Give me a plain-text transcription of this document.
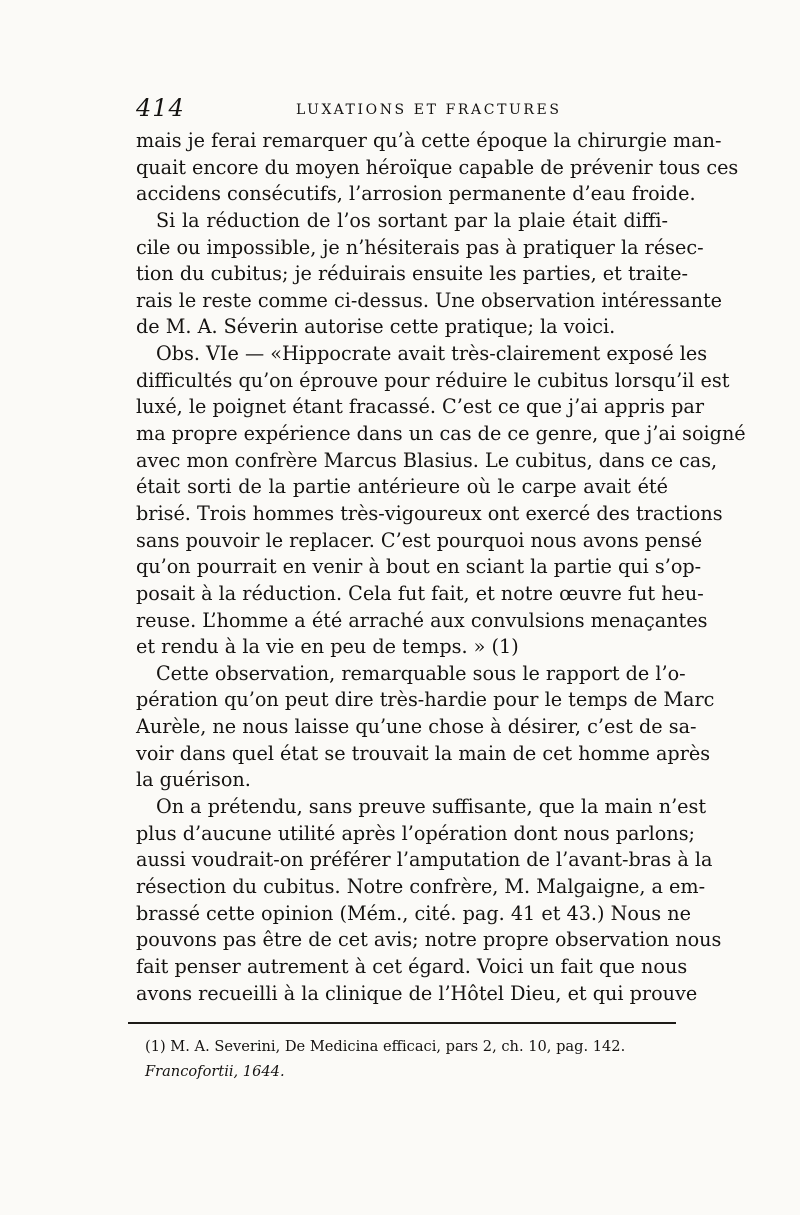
414	LUXATIONS ET FRACTURES
mais je ferai remarquer qu’à cette époque la chirurgie man-
quait encore du moyen héroïque capable de prévenir tous ces
accidens consécutifs, l’arrosion permanente d’eau froide.
Si la réduction de l’os sortant par la plaie était diffi-
cile ou impossible, je n’hésiterais pas à pratiquer la résec-
tion du cubitus; je réduirais ensuite les parties, et traite-
rais le reste comme ci-dessus. Une observation intéressante
de M. A. Séverin autorise cette pratique; la voici.
Obs. VIe — «Hippocrate avait très-clairement exposé les
difficultés qu’on éprouve pour réduire le cubitus lorsqu’il est
luxé, le poignet étant fracassé. C’est ce que j’ai appris par
ma propre expérience dans un cas de ce genre, que j’ai soigné
avec mon confrère Marcus Blasius. Le cubitus, dans ce cas,
était sorti de la partie antérieure où le carpe avait été
brisé. Trois hommes très-vigoureux ont exercé des tractions
sans pouvoir le replacer. C’est pourquoi nous avons pensé
qu’on pourrait en venir à bout en sciant la partie qui s’op-
posait à la réduction. Cela fut fait, et notre œuvre fut heu-
reuse. L’homme a été arraché aux convulsions menaçantes
et rendu à la vie en peu de temps. » (1)
Cette observation, remarquable sous le rapport de l’o-
pération qu’on peut dire très-hardie pour le temps de Marc
Aurèle, ne nous laisse qu’une chose à désirer, c’est de sa-
voir dans quel état se trouvait la main de cet homme après
la guérison.
On a prétendu, sans preuve suffisante, que la main n’est
plus d’aucune utilité après l’opération dont nous parlons;
aussi voudrait-on préférer l’amputation de l’avant-bras à la
résection du cubitus. Notre confrère, M. Malgaigne, a em-
brassé cette opinion (Mém., cité. pag. 41 et 43.) Nous ne
pouvons pas être de cet avis; notre propre observation nous
fait penser autrement à cet égard. Voici un fait que nous
avons recueilli à la clinique de l’Hôtel Dieu, et qui prouve
(1) M. A. Severini, De Medicina efficaci, pars 2, ch. 10, pag. 142.
Francofortii, 1644.
